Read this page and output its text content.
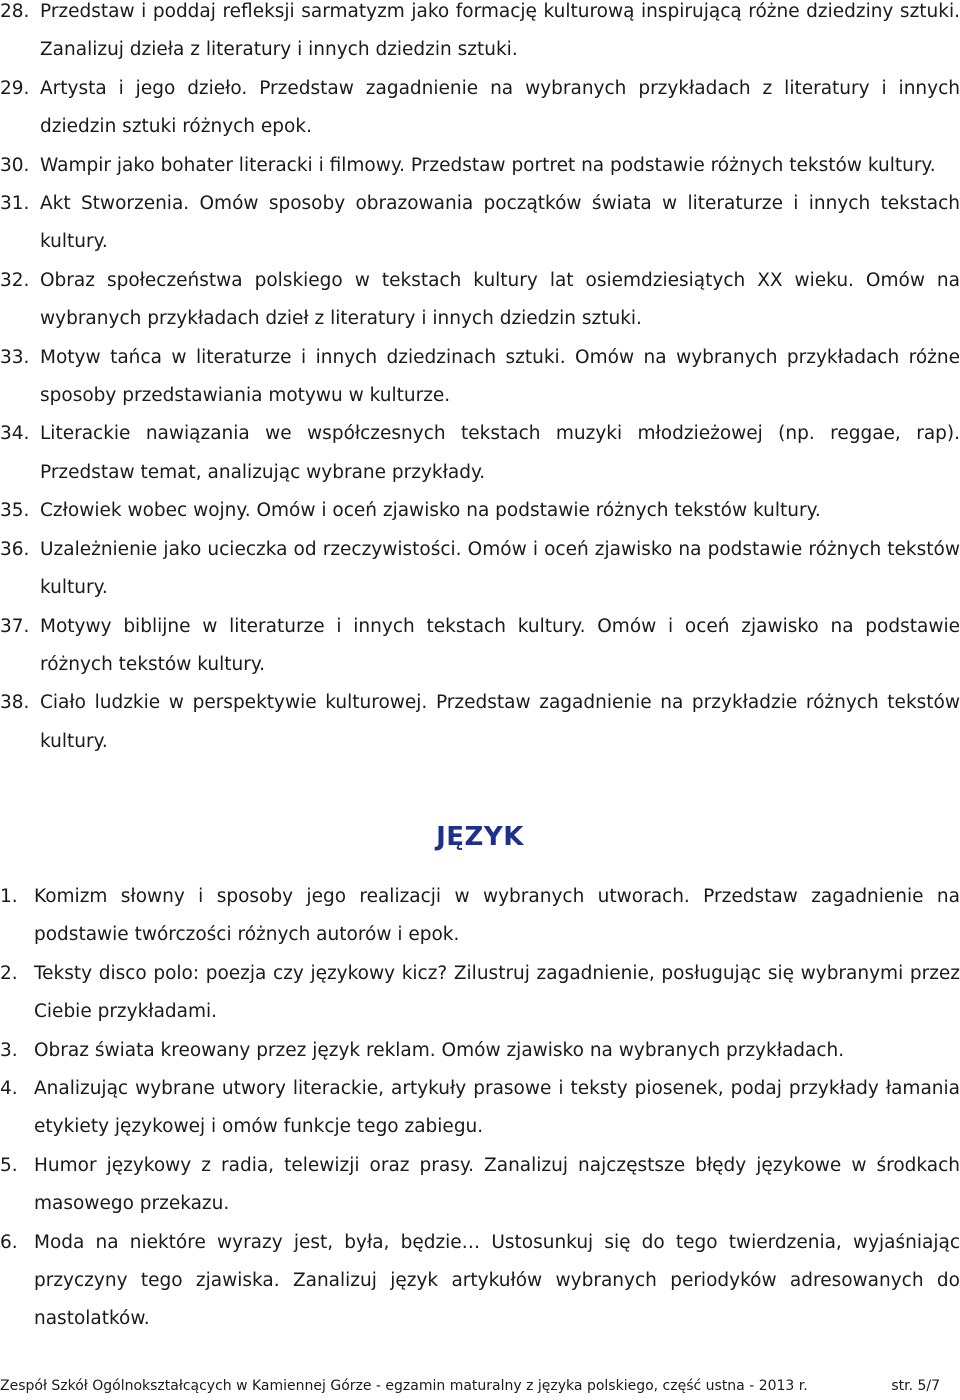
28. Przedstaw i poddaj refleksji sarmatyzm jako formację kulturową inspirującą różne dziedziny sztuki. Zanalizuj dzieła z literatury i innych dziedzin sztuki.
29. Artysta i jego dzieło. Przedstaw zagadnienie na wybranych przykładach z literatury i innych dziedzin sztuki różnych epok.
30. Wampir jako bohater literacki i filmowy. Przedstaw portret na podstawie różnych tekstów kultury.
31. Akt Stworzenia. Omów sposoby obrazowania początków świata w literaturze i innych tekstach kultury.
32. Obraz społeczeństwa polskiego w tekstach kultury lat osiemdziesiątych XX wieku. Omów na wybranych przykładach dzieł z literatury i innych dziedzin sztuki.
33. Motyw tańca w literaturze i innych dziedzinach sztuki. Omów na wybranych przykładach różne sposoby przedstawiania motywu w kulturze.
34. Literackie nawiązania we współczesnych tekstach muzyki młodzieżowej (np. reggae, rap). Przedstaw temat, analizując wybrane przykłady.
35. Człowiek wobec wojny. Omów i oceń zjawisko na podstawie różnych tekstów kultury.
36. Uzależnienie jako ucieczka od rzeczywistości. Omów i oceń zjawisko na podstawie różnych tekstów kultury.
37. Motywy biblijne w literaturze i innych tekstach kultury. Omów i oceń zjawisko na podstawie różnych tekstów kultury.
38. Ciało ludzkie w perspektywie kulturowej. Przedstaw zagadnienie na przykładzie różnych tekstów kultury.
JĘZYK
1. Komizm słowny i sposoby jego realizacji w wybranych utworach. Przedstaw zagadnienie na podstawie twórczości różnych autorów i epok.
2. Teksty disco polo: poezja czy językowy kicz? Zilustruj zagadnienie, posługując się wybranymi przez Ciebie przykładami.
3. Obraz świata kreowany przez język reklam. Omów zjawisko na wybranych przykładach.
4. Analizując wybrane utwory literackie, artykuły prasowe i teksty piosenek, podaj przykłady łamania etykiety językowej i omów funkcje tego zabiegu.
5. Humor językowy z radia, telewizji oraz prasy. Zanalizuj najczęstsze błędy językowe w środkach masowego przekazu.
6. Moda na niektóre wyrazy jest, była, będzie… Ustosunkuj się do tego twierdzenia, wyjaśniając przyczyny tego zjawiska. Zanalizuj język artykułów wybranych periodyków adresowanych do nastolatków.
Zespół Szkół Ogólnokształcących w Kamiennej Górze - egzamin maturalny z języka polskiego, część ustna - 2013 r.	str. 5/7
